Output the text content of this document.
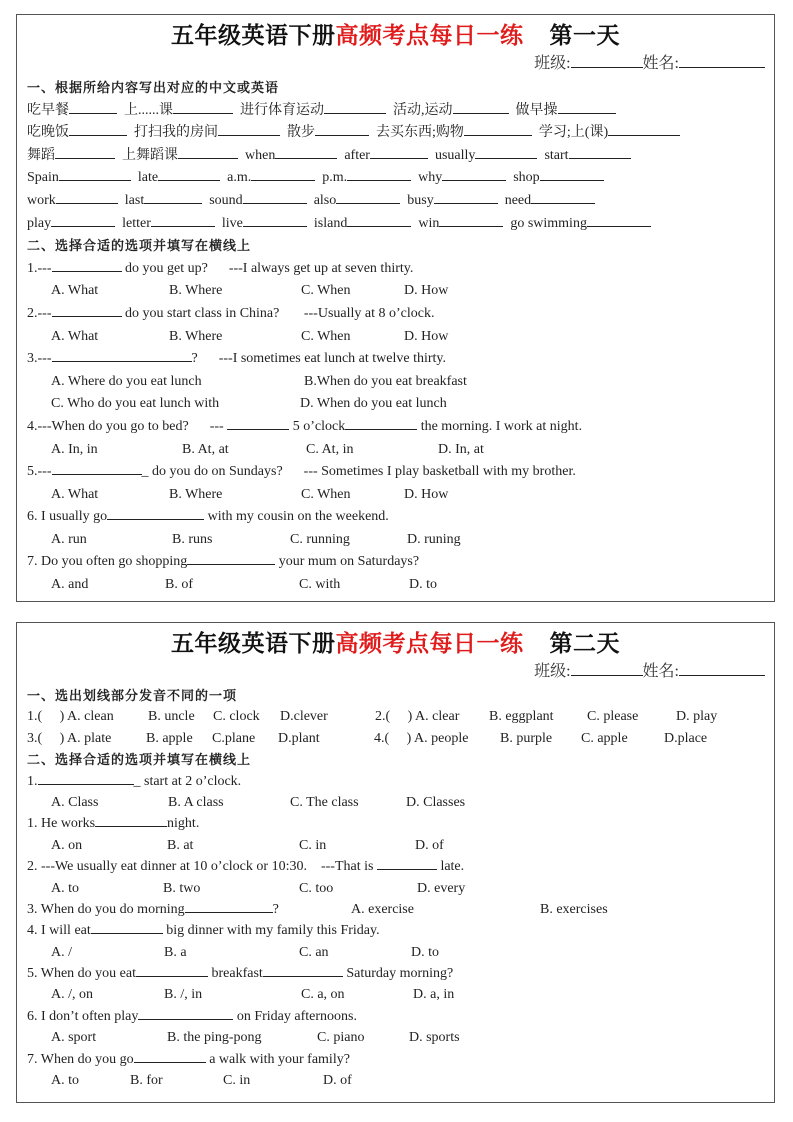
五年级英语下册高频考点每日一练 第一天
班级:	姓名:
一、根据所给内容写出对应的中文或英语
吃早餐	上......课	进行体育运动	活动,运动	做早操
吃晚饭	打扫我的房间	散步	去买东西;购物	学习;上(课)
舞蹈	上舞蹈课	when	after	usually	start
Spain	late	a.m.	p.m.	why	shop
work	last	sound	also	busy	need
play	letter	live	island	win	go swimming
二、选择合适的选项并填写在横线上
1.---	do you get up?      ---I always get up at seven thirty.
A. What	B. Where	C. When	D. How
2.---	do you start class in China?       ---Usually at 8 o’clock.
A. What	B. Where	C. When	D. How
3.---	?      ---I sometimes eat lunch at twelve thirty.
A. Where do you eat lunch	B.When do you eat breakfast
C. Who do you eat lunch with	D. When do you eat lunch
4.---When do you go to bed?      ---	5 o’clock	the morning. I work at night.
A. In, in	B. At, at	C. At, in	D. In, at
5.---	_ do you do on Sundays?      --- Sometimes I play basketball with my brother.
A. What	B. Where	C. When	D. How
6. I usually go	with my cousin on the weekend.
A. run	B. runs	C. running	D. runing
7. Do you often go shopping	your mum on Saturdays?
A. and	B. of	C. with	D. to
五年级英语下册高频考点每日一练 第二天
班级:	姓名:
一、选出划线部分发音不同的一项
1.(     ) A. clean B. uncle C. clock D.clever	2.(     ) A. clear B. eggplant C. please	D. play
3.(     ) A. plate B. apple C.plane D.plant	4.(     ) A. people B. purple C. apple	D.place
二、选择合适的选项并填写在横线上
1.	_ start at 2 o’clock.
A. Class	B. A class	C. The class	D. Classes
1. He works	night.
A. on	B. at	C. in	D. of
2. ---We usually eat dinner at 10 o’clock or 10:30.    ---That is	late.
A. to	B. two	C. too	D. every
3. When do you do morning	?	A. exercise	B. exercises
4. I will eat	big dinner with my family this Friday.
A. /	B. a	C. an	D. to
5. When do you eat	breakfast	Saturday morning?
A. /, on	B. /, in	C. a, on	D. a, in
6. I don’t often play	on Friday afternoons.
A. sport	B. the ping-pong	C. piano	D. sports
7. When do you go	a walk with your family?
A. to	B. for	C. in	D. of
